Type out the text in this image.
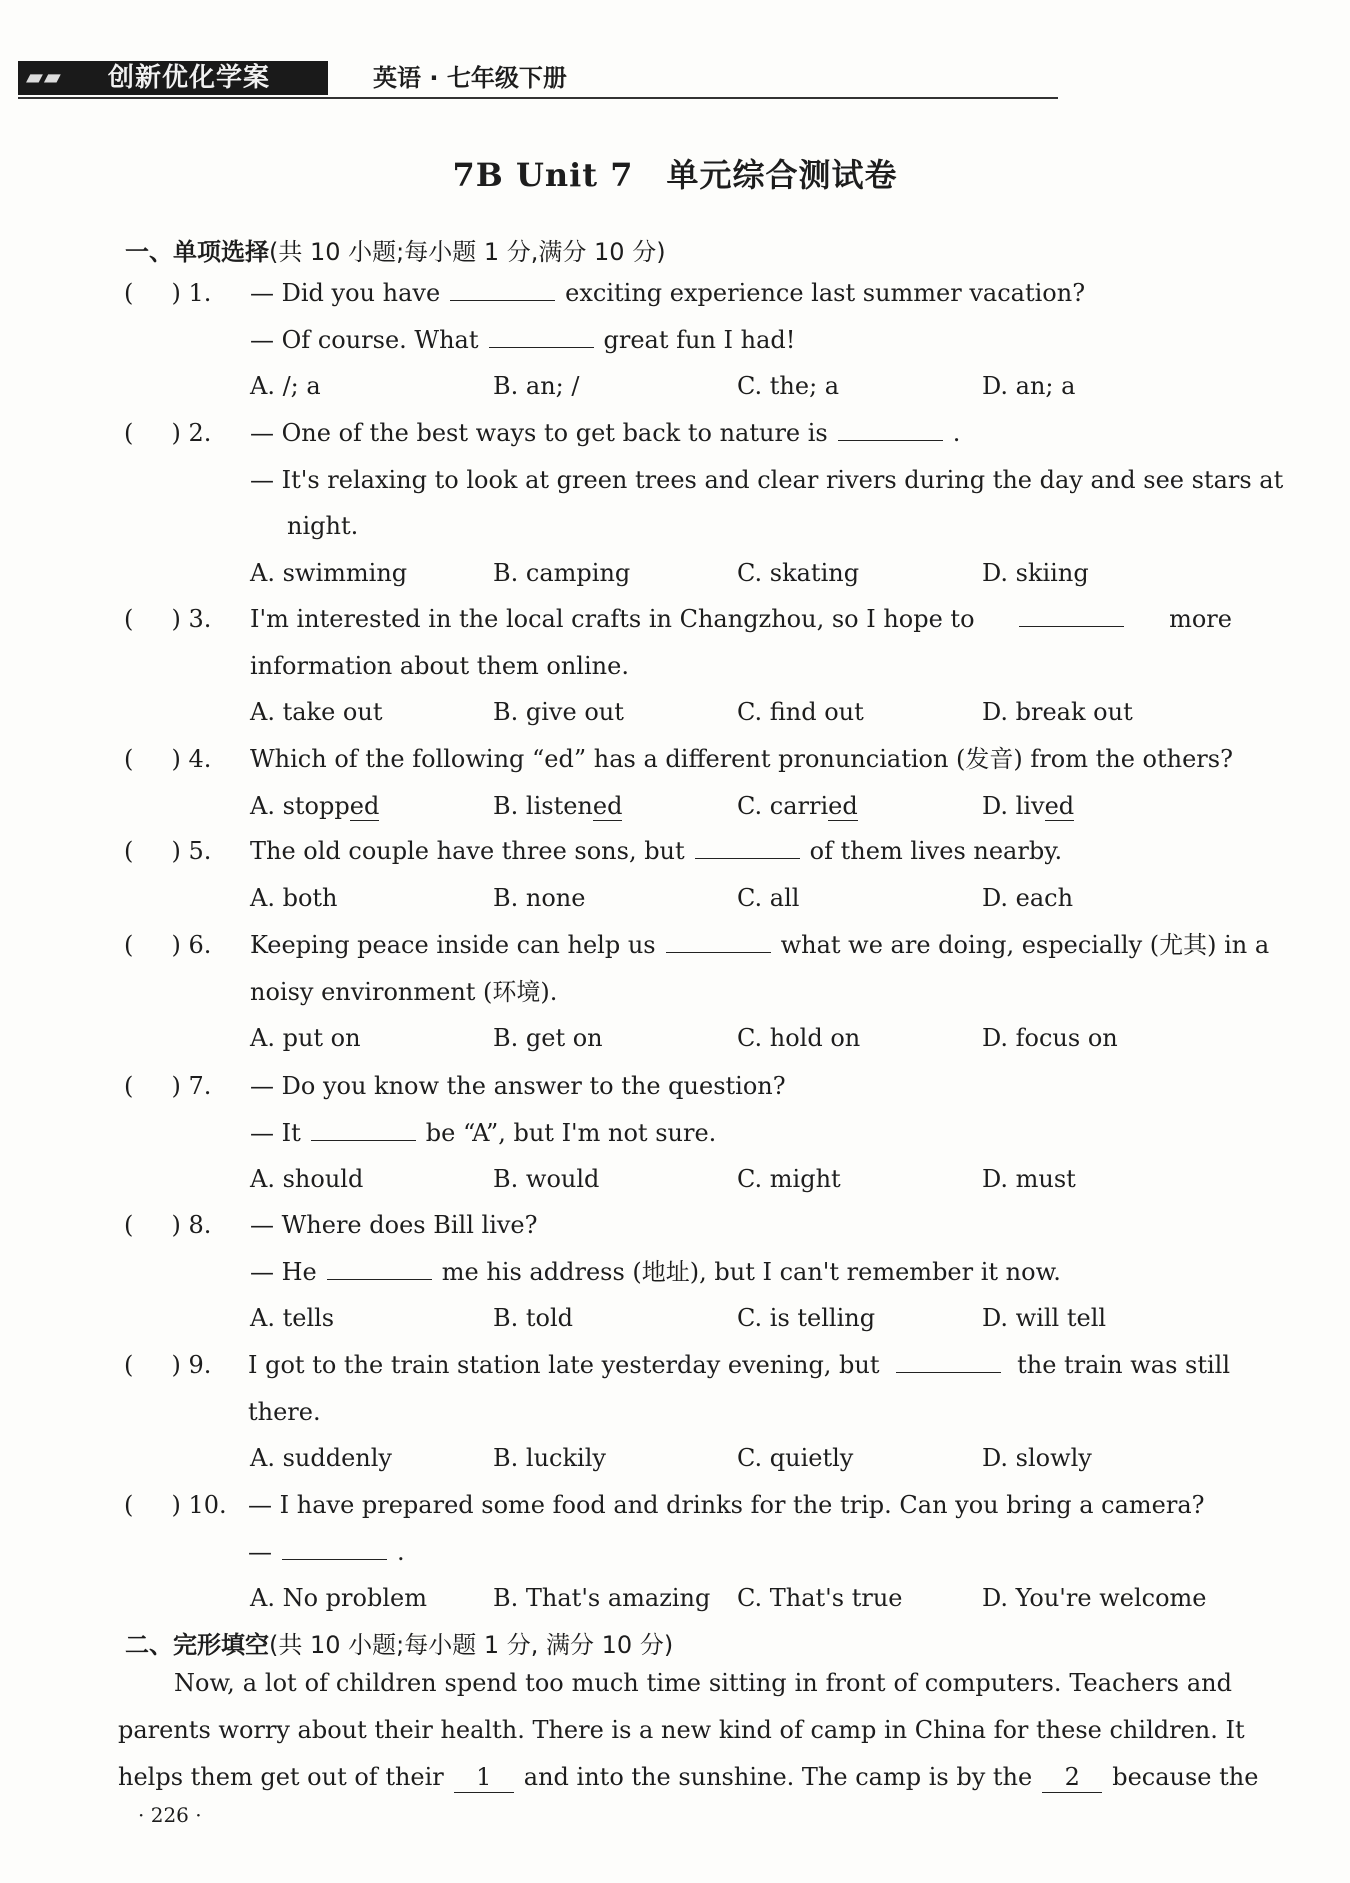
▰▰ 创新优化学案	英语 · 七年级下册
7B Unit 7　单元综合测试卷
一、单项选择(共 10 小题;每小题 1 分,满分 10 分)
(     ) 1. — Did you have	exciting experience last summer vacation?
— Of course. What	great fun I had!
A. /; a	B. an; /	C. the; a	D. an; a
(     ) 2. — One of the best ways to get back to nature is	.
— It's relaxing to look at green trees and clear rivers during the day and see stars at
night.
A. swimming	B. camping	C. skating	D. skiing
(     ) 3. I'm interested in the local crafts in Changzhou, so I hope to	more
information about them online.
A. take out	B. give out	C. find out	D. break out
(     ) 4. Which of the following “ed” has a different pronunciation (发音) from the others?
A. stopped	B. listened	C. carried	D. lived
(     ) 5. The old couple have three sons, but	of them lives nearby.
A. both	B. none	C. all	D. each
(     ) 6. Keeping peace inside can help us	what we are doing, especially (尤其) in a
noisy environment (环境).
A. put on	B. get on	C. hold on	D. focus on
(     ) 7. — Do you know the answer to the question?
— It	be “A”, but I'm not sure.
A. should	B. would	C. might	D. must
(     ) 8. — Where does Bill live?
— He	me his address (地址), but I can't remember it now.
A. tells	B. told	C. is telling	D. will tell
(     ) 9. I got to the train station late yesterday evening, but	the train was still
there.
A. suddenly	B. luckily	C. quietly	D. slowly
(     ) 10. — I have prepared some food and drinks for the trip. Can you bring a camera?
—	.
A. No problem	B. That's amazing C. That's true	D. You're welcome
二、完形填空(共 10 小题;每小题 1 分, 满分 10 分)
Now, a lot of children spend too much time sitting in front of computers. Teachers and
parents worry about their health. There is a new kind of camp in China for these children. It
helps them get out of their 1 and into the sunshine. The camp is by the 2 because the
· 226 ·
